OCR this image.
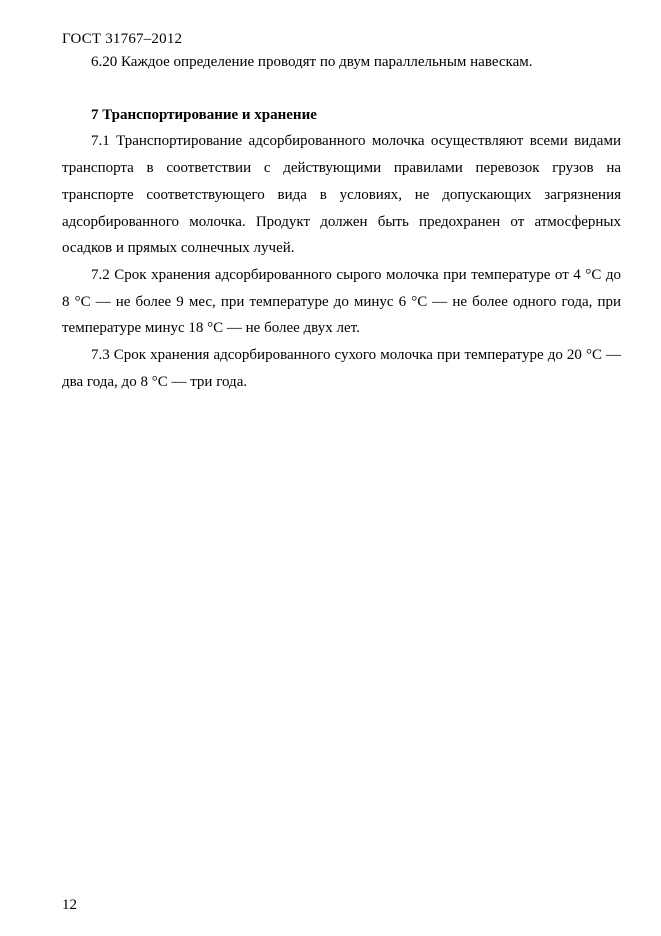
ГОСТ 31767–2012

6.20 Каждое определение проводят по двум параллельным навескам.

7 Транспортирование и хранение

7.1 Транспортирование адсорбированного молочка осуществляют всеми видами транспорта в соответствии с действующими правилами перевозок грузов на транспорте соответствующего вида в условиях, не допускающих загрязнения адсорбированного молочка. Продукт должен быть предохранен от атмосферных осадков и прямых солнечных лучей.

7.2 Срок хранения адсорбированного сырого молочка при температуре от 4 °С до 8 °С — не более 9 мес, при температуре до минус 6 °С — не более одного года, при температуре минус 18 °С — не более двух лет.

7.3 Срок хранения адсорбированного сухого молочка при температуре до 20 °С — два года, до 8 °С — три года.

12
